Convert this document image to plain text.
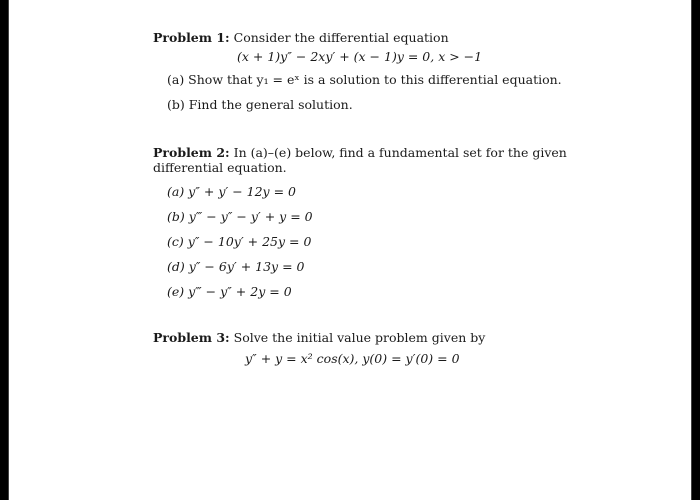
Problem 1: Consider the differential equation
(x + 1)y″ − 2xy′ + (x − 1)y = 0, x > −1
(a) Show that y₁ = eˣ is a solution to this differential equation.
(b) Find the general solution.
Problem 2: In (a)–(e) below, find a fundamental set for the given
differential equation.
(a) y″ + y′ − 12y = 0
(b) y‴ − y″ − y′ + y = 0
(c) y″ − 10y′ + 25y = 0
(d) y″ − 6y′ + 13y = 0
(e) y‴ − y″ + 2y = 0
Problem 3: Solve the initial value problem given by
y″ + y = x² cos(x), y(0) = y′(0) = 0
